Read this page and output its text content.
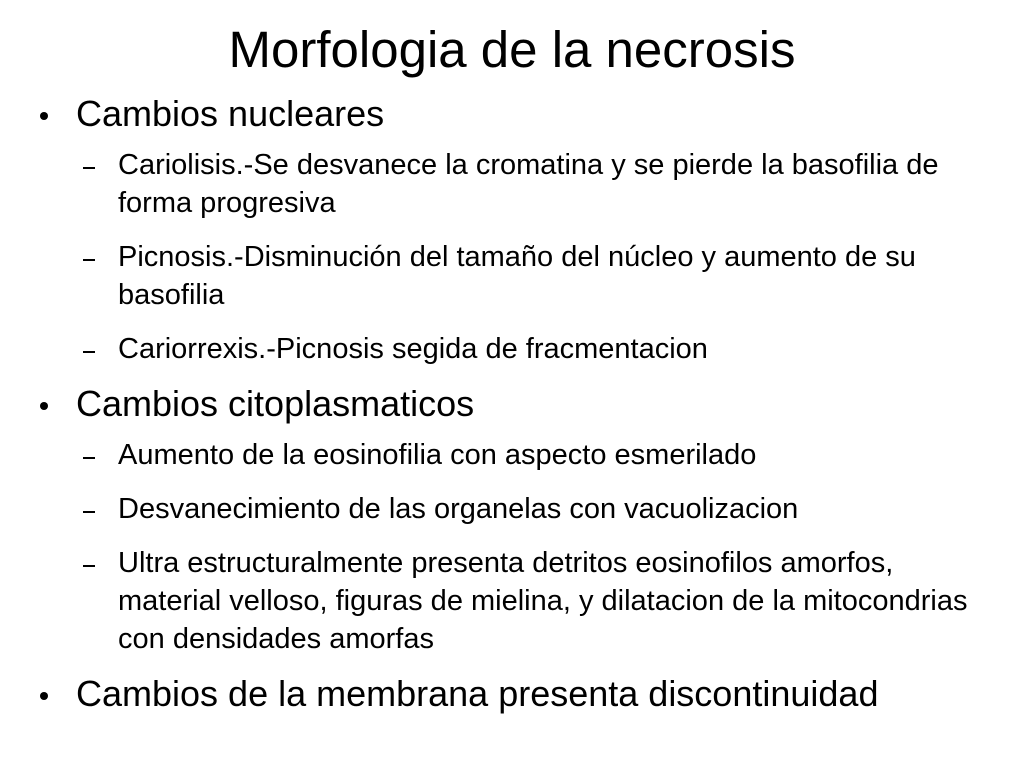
Morfologia de la necrosis
Cambios nucleares
Cariolisis.-Se desvanece la cromatina y se pierde la basofilia de forma progresiva
Picnosis.-Disminución del tamaño del núcleo y aumento de su basofilia
Cariorrexis.-Picnosis segida de fracmentacion
Cambios citoplasmaticos
Aumento de la eosinofilia con aspecto esmerilado
Desvanecimiento de las organelas con vacuolizacion
Ultra estructuralmente presenta detritos eosinofilos amorfos, material velloso, figuras de mielina, y dilatacion de la mitocondrias con densidades amorfas
Cambios de la membrana presenta discontinuidad
